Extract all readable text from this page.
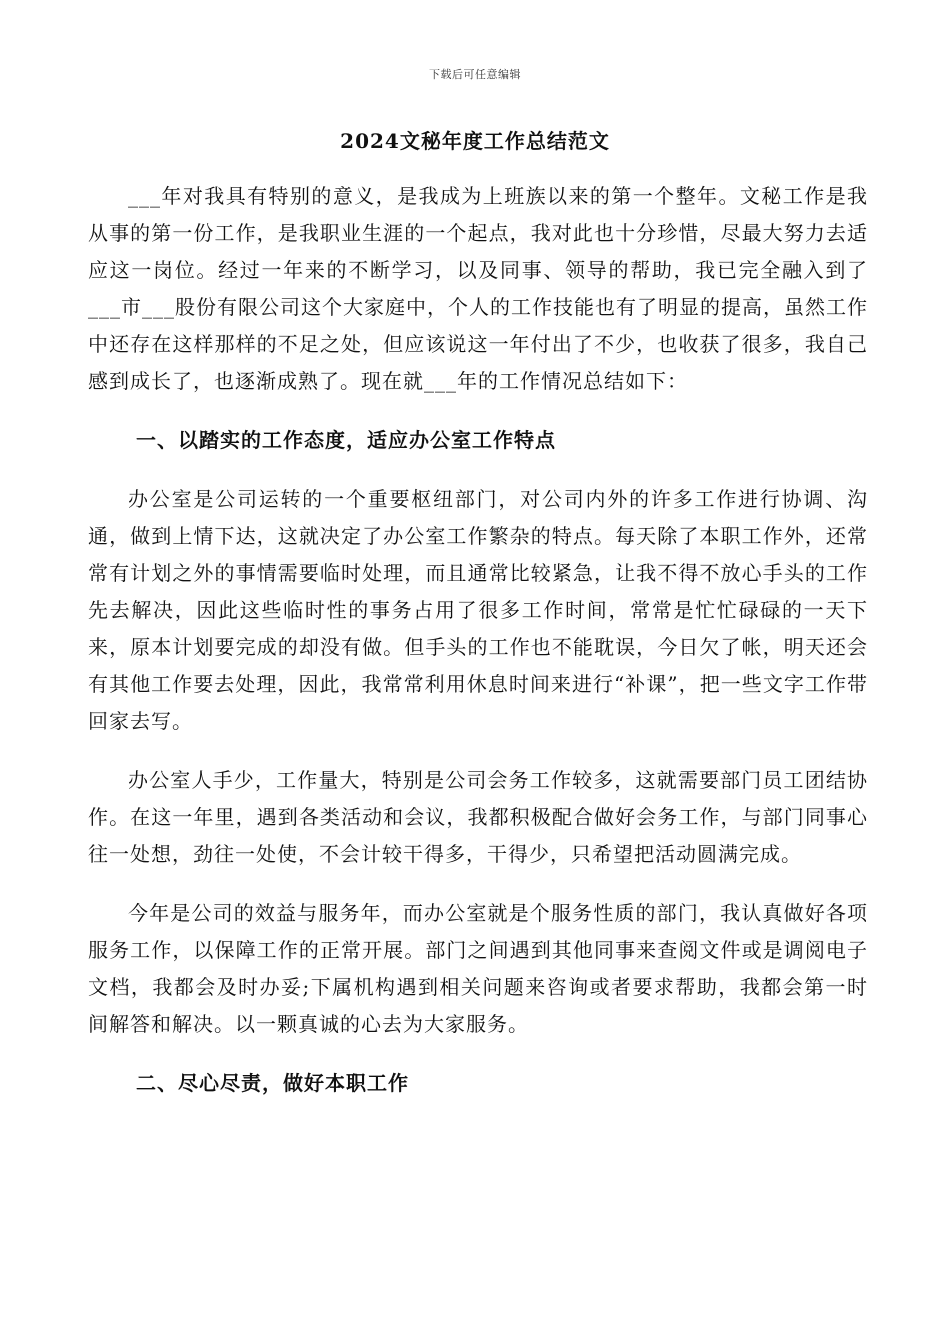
下载后可任意编辑
2024文秘年度工作总结范文

___年对我具有特别的意义，是我成为上班族以来的第一个整年。文秘工作是我从事的第一份工作，是我职业生涯的一个起点，我对此也十分珍惜，尽最大努力去适应这一岗位。经过一年来的不断学习，以及同事、领导的帮助，我已完全融入到了___市___股份有限公司这个大家庭中，个人的工作技能也有了明显的提高，虽然工作中还存在这样那样的不足之处，但应该说这一年付出了不少，也收获了很多，我自己感到成长了，也逐渐成熟了。现在就___年的工作情况总结如下：

一、以踏实的工作态度，适应办公室工作特点

办公室是公司运转的一个重要枢纽部门，对公司内外的许多工作进行协调、沟通，做到上情下达，这就决定了办公室工作繁杂的特点。每天除了本职工作外，还常常有计划之外的事情需要临时处理，而且通常比较紧急，让我不得不放心手头的工作先去解决，因此这些临时性的事务占用了很多工作时间，常常是忙忙碌碌的一天下来，原本计划要完成的却没有做。但手头的工作也不能耽误，今日欠了帐，明天还会有其他工作要去处理，因此，我常常利用休息时间来进行“补课”，把一些文字工作带回家去写。

办公室人手少，工作量大，特别是公司会务工作较多，这就需要部门员工团结协作。在这一年里，遇到各类活动和会议，我都积极配合做好会务工作，与部门同事心往一处想，劲往一处使，不会计较干得多，干得少，只希望把活动圆满完成。

今年是公司的效益与服务年，而办公室就是个服务性质的部门，我认真做好各项服务工作，以保障工作的正常开展。部门之间遇到其他同事来查阅文件或是调阅电子文档，我都会及时办妥;下属机构遇到相关问题来咨询或者要求帮助，我都会第一时间解答和解决。以一颗真诚的心去为大家服务。

二、尽心尽责，做好本职工作
